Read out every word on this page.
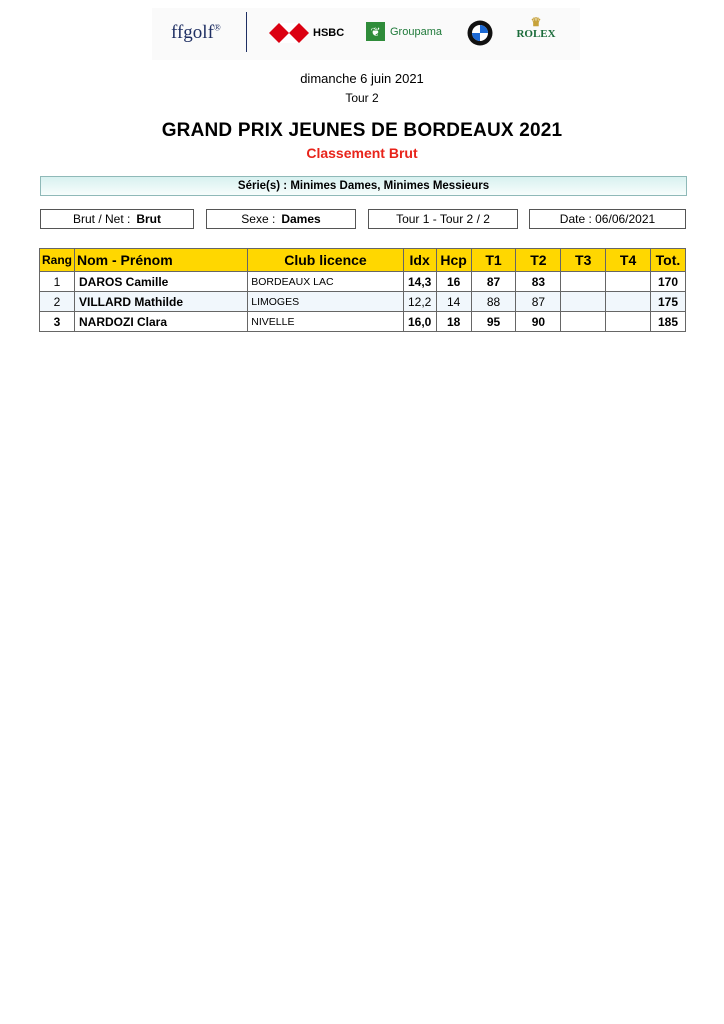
ffgolf®	HSBC	❦ Groupama
♛
ROLEX
dimanche 6 juin 2021
Tour 2
GRAND PRIX JEUNES DE BORDEAUX 2021
Classement Brut
Série(s) : Minimes Dames, Minimes Messieurs
Brut / Net : Brut	Sexe : Dames	Tour 1 - Tour 2 / 2	Date : 06/06/2021
Rang	Nom - Prénom	Club licence	Idx	Hcp	T1	T2	T3	T4	Tot.
1	DAROS Camille	BORDEAUX LAC	14,3	16	87	83			170
2	VILLARD Mathilde	LIMOGES	12,2	14	88	87			175
3	NARDOZI Clara	NIVELLE	16,0	18	95	90			185
